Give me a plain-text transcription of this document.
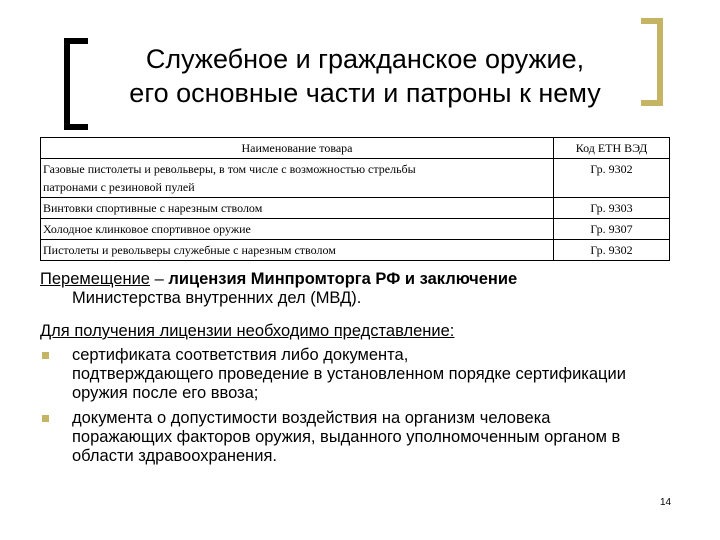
Служебное и гражданское оружие,
его основные части и патроны к нему
Наименование товара	Код ЕТН ВЭД
Газовые пистолеты и револьверы, в том числе с возможностью стрельбы
патронами с резиновой пулей	Гр. 9302
Винтовки спортивные с нарезным стволом	Гр. 9303
Холодное клинковое спортивное оружие	Гр. 9307
Пистолеты и револьверы служебные с нарезным стволом	Гр. 9302

Перемещение – лицензия Минпромторга РФ и заключение
Министерства внутренних дел (МВД).

Для получения лицензии необходимо представление:

сертификата соответствия либо документа,
подтверждающего проведение в установленном порядке сертификации
оружия после его ввоза;
документа о допустимости воздействия на организм человека
поражающих факторов оружия, выданного уполномоченным органом в
области здравоохранения.
14
